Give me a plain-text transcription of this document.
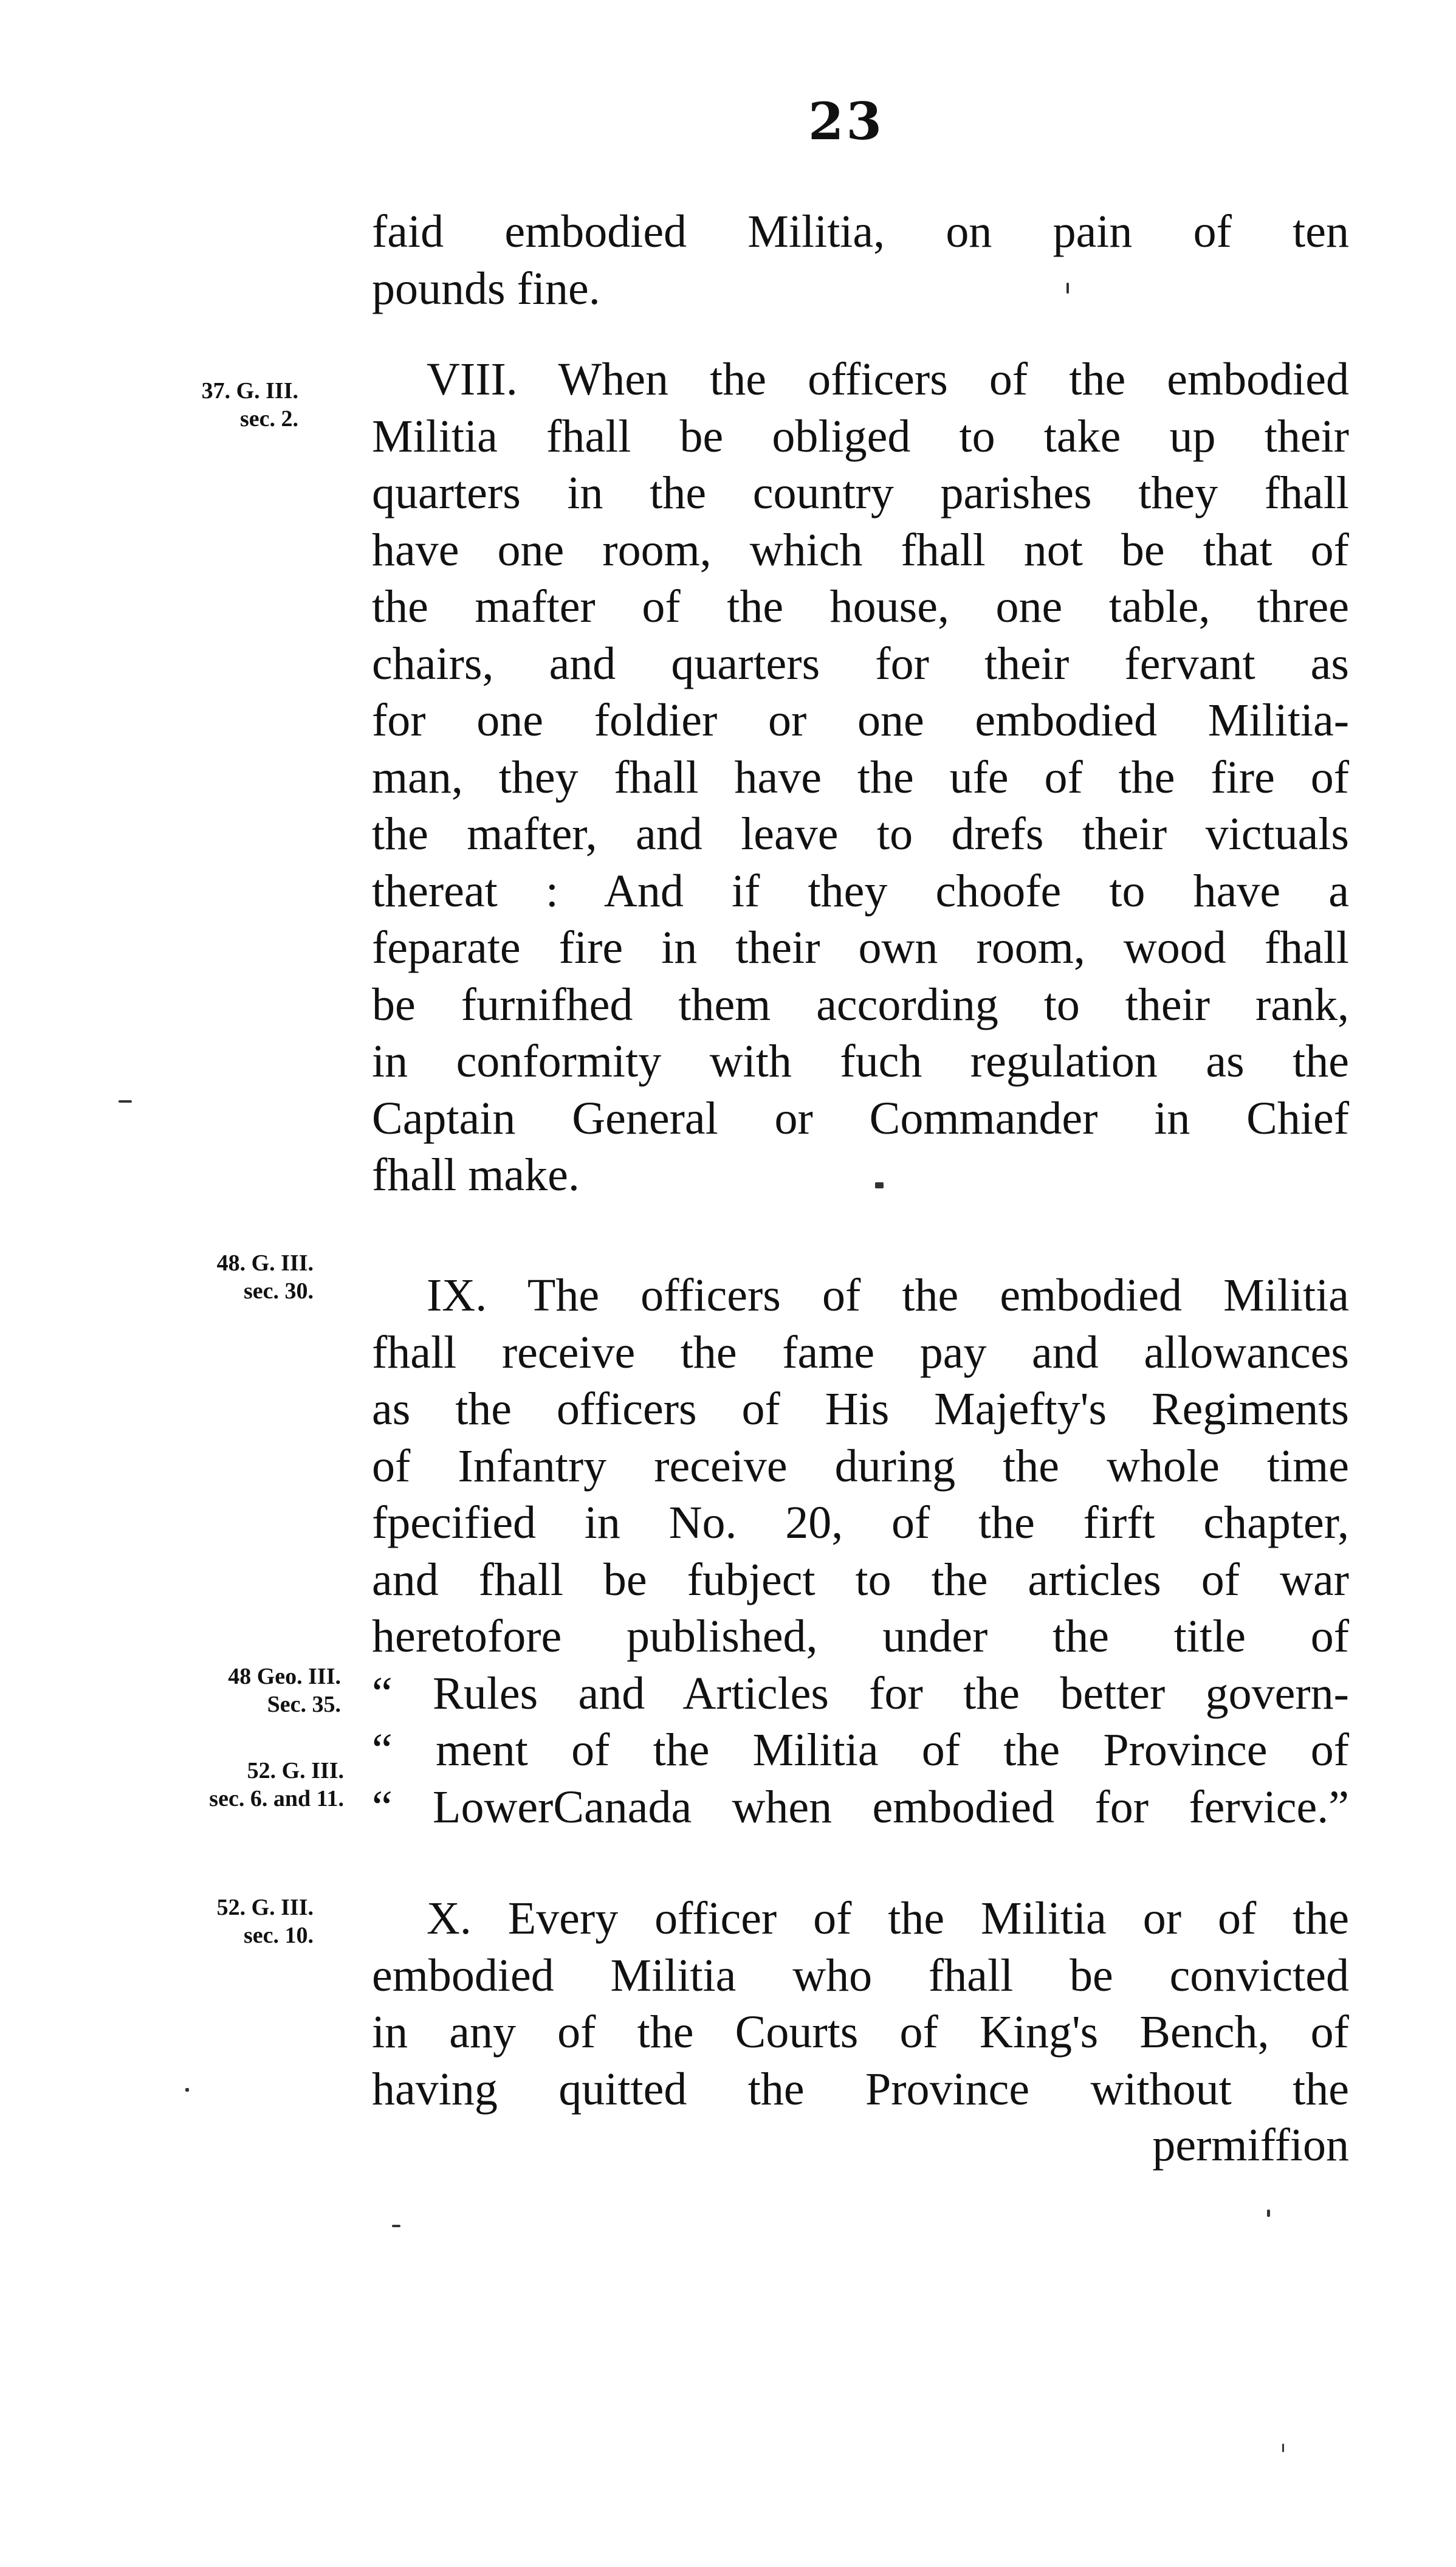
23
faid embodied Militia, on pain of ten
pounds fine.
VIII. When the officers of the embodied
Militia fhall be obliged to take up their
quarters in the country parishes they fhall
have one room, which fhall not be that of
the mafter of the house, one table, three
chairs, and quarters for their fervant as
for one foldier or one embodied Militia-
man, they fhall have the ufe of the fire of
the mafter, and leave to drefs their victuals
thereat : And if they choofe to have a
feparate fire in their own room, wood fhall
be furnifhed them according to their rank,
in conformity with fuch regulation as the
Captain General or Commander in Chief
fhall make.
IX. The officers of the embodied Militia
fhall receive the fame pay and allowances
as the officers of His Majefty's Regiments
of Infantry receive during the whole time
fpecified in No. 20, of the firft chapter,
and fhall be fubject to the articles of war
heretofore published, under the title of
“ Rules and Articles for the better govern-
“ ment of the Militia of the Province of
“ LowerCanada when embodied for fervice.”
X. Every officer of the Militia or of the
embodied Militia who fhall be convicted
in any of the Courts of King's Bench, of
having quitted the Province without the
permiffion
37. G. III.
sec. 2.
48. G. III.
sec. 30.
48 Geo. III.
Sec. 35.
52. G. III.
sec. 6. and 11.
52. G. III.
sec. 10.
